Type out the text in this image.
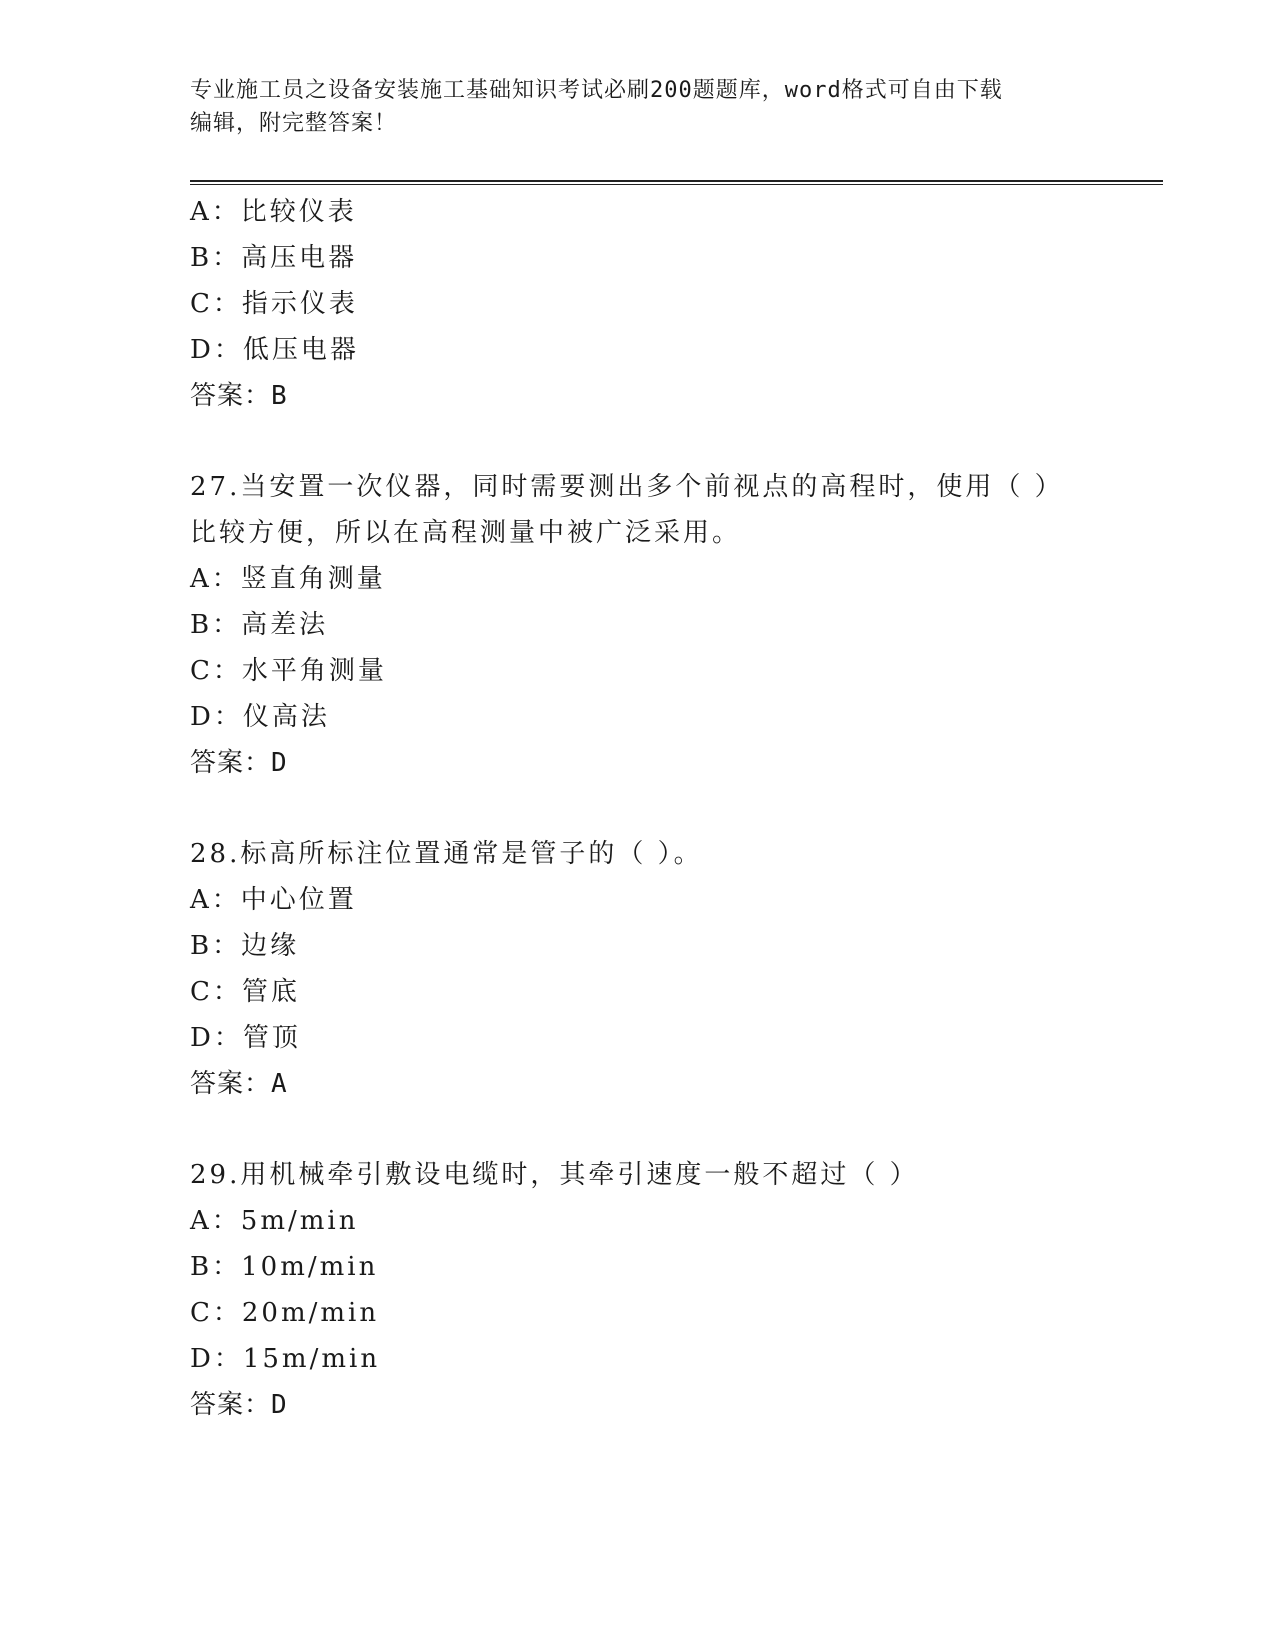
专业施工员之设备安装施工基础知识考试必刷200题题库，word格式可自由下载
编辑，附完整答案！
A：比较仪表
B：高压电器
C：指示仪表
D：低压电器
答案：B
27.当安置一次仪器，同时需要测出多个前视点的高程时，使用（ ）
比较方便，所以在高程测量中被广泛采用。
A：竖直角测量
B：高差法
C：水平角测量
D：仪高法
答案：D
28.标高所标注位置通常是管子的（ ）。
A：中心位置
B：边缘
C：管底
D：管顶
答案：A
29.用机械牵引敷设电缆时，其牵引速度一般不超过（ ）
A：5m/min
B：10m/min
C：20m/min
D：15m/min
答案：D
